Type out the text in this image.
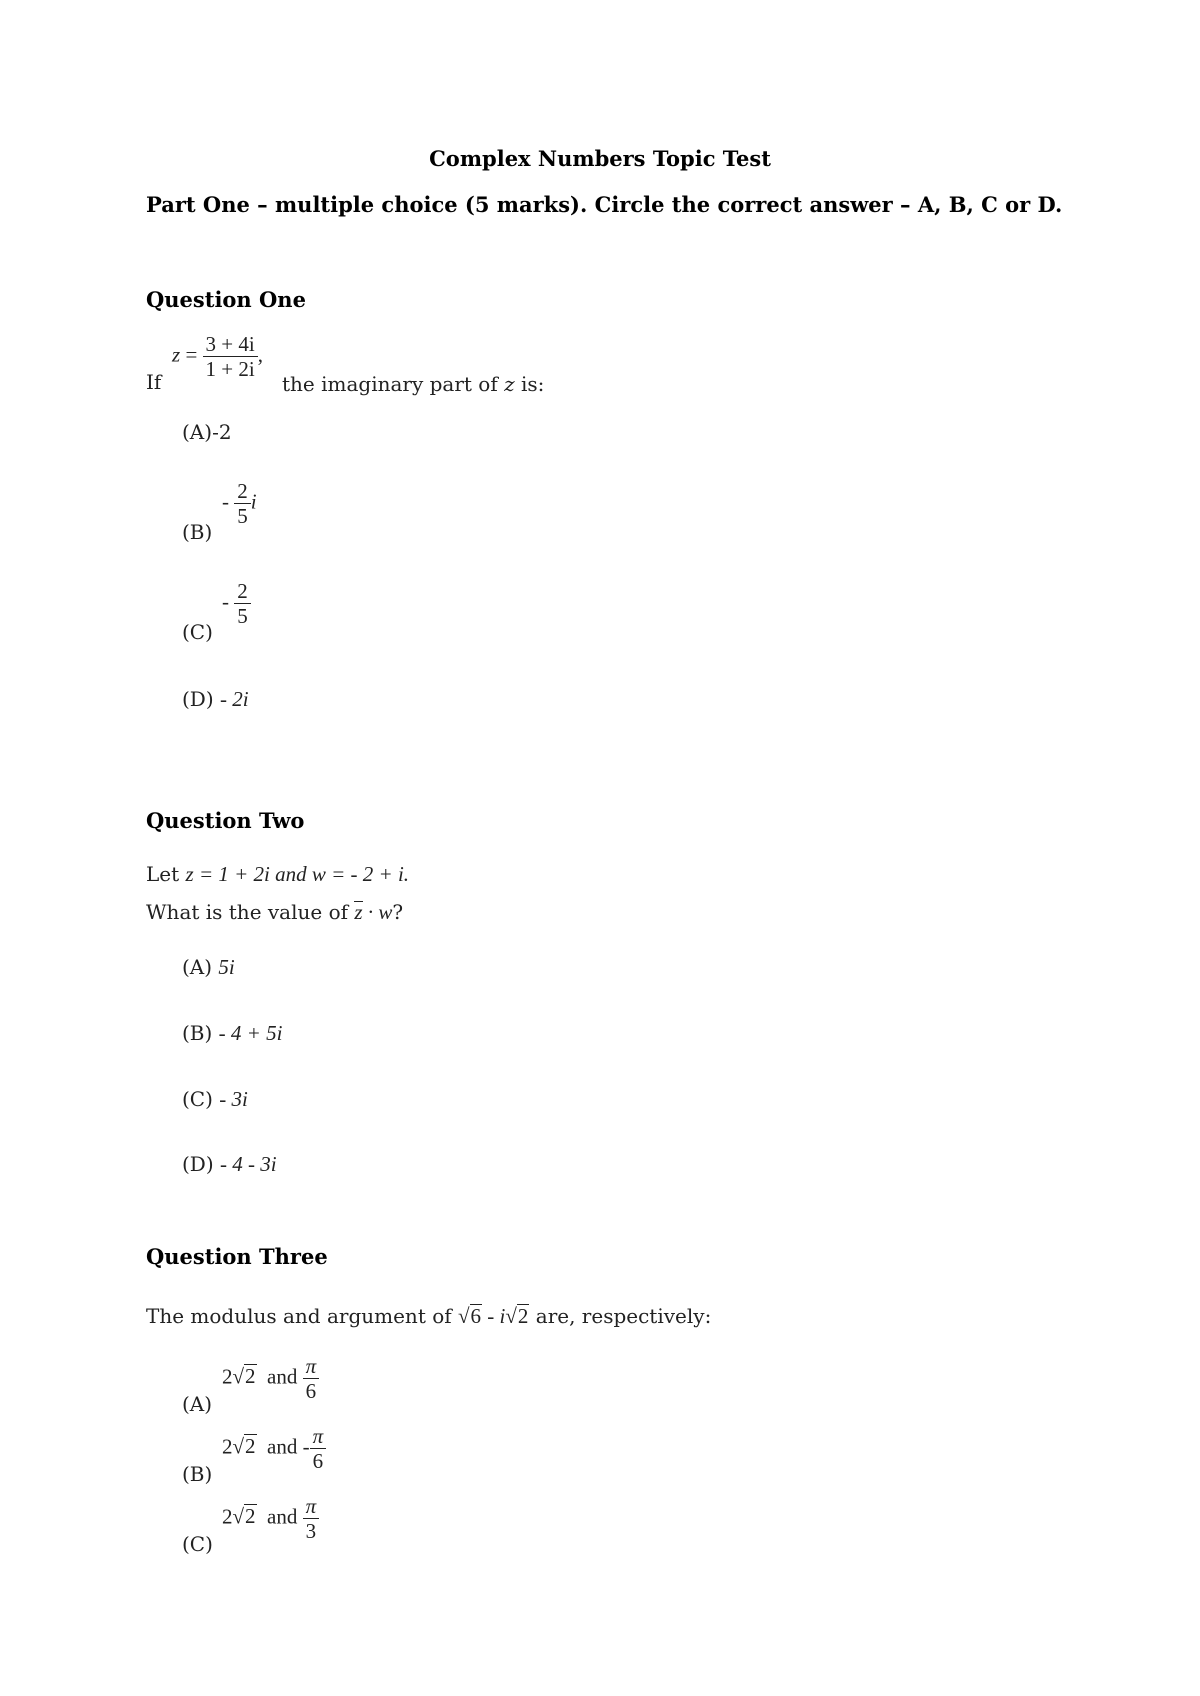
Complex Numbers Topic Test
Part One – multiple choice (5 marks). Circle the correct answer – A, B, C or D.
Question One
If
$z = \frac{3 + 4i}{1 + 2i}$ ,
the imaginary part of z is:
(A)-2
(B)
- $\frac{2}{5}$ i
(C)
- $\frac{2}{5}$
(D) - 2i
Question Two
Let z = 1 + 2i and w = - 2 + i.
What is the value of z · w?
(A) 5i
(B) - 4 + 5i
(C) - 3i
(D) - 4 - 3i
Question Three
The modulus and argument of √6 - i√2 are, respectively:
(A)
2√2 and $\frac{\pi}{6}$
(B)
2√2 and - $\frac{\pi}{6}$
(C)
2√2 and $\frac{\pi}{3}$
